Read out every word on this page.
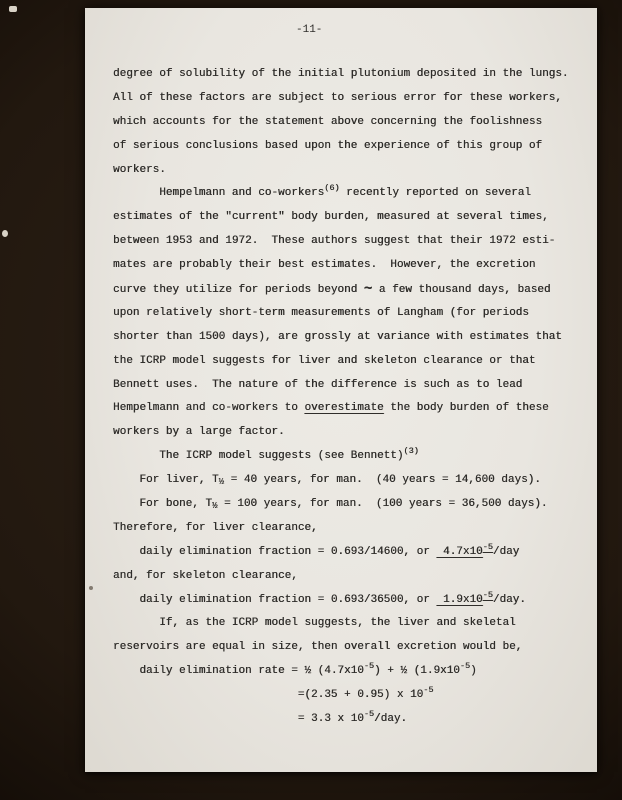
-11-
degree of solubility of the initial plutonium deposited in the lungs.
All of these factors are subject to serious error for these workers,
which accounts for the statement above concerning the foolishness
of serious conclusions based upon the experience of this group of
workers.
Hempelmann and co-workers$^{(6)}$ recently reported on several
estimates of the "current" body burden, measured at several times,
between 1953 and 1972.  These authors suggest that their 1972 esti-
mates are probably their best estimates.  However, the excretion
curve they utilize for periods beyond ∼ a few thousand days, based
upon relatively short-term measurements of Langham (for periods
shorter than 1500 days), are grossly at variance with estimates that
the ICRP model suggests for liver and skeleton clearance or that
Bennett uses.  The nature of the difference is such as to lead
Hempelmann and co-workers to overestimate the body burden of these
workers by a large factor.
The ICRP model suggests (see Bennett)$^{(3)}$
For liver, T½ = 40 years, for man.  (40 years = 14,600 days).
For bone, T½ = 100 years, for man.  (100 years = 36,500 days).
Therefore, for liver clearance,
daily elimination fraction = 0.693/14600, or  $4.7x10^{-5}$/day
and, for skeleton clearance,
daily elimination fraction = 0.693/36500, or  $1.9x10^{-5}$/day.
If, as the ICRP model suggests, the liver and skeletal
reservoirs are equal in size, then overall excretion would be,
daily elimination rate = ½ $(4.7x10^{-5})$ + ½ $(1.9x10^{-5})$
=(2.35 + 0.95) x $10^{-5}$
= 3.3 x $10^{-5}$/day.
